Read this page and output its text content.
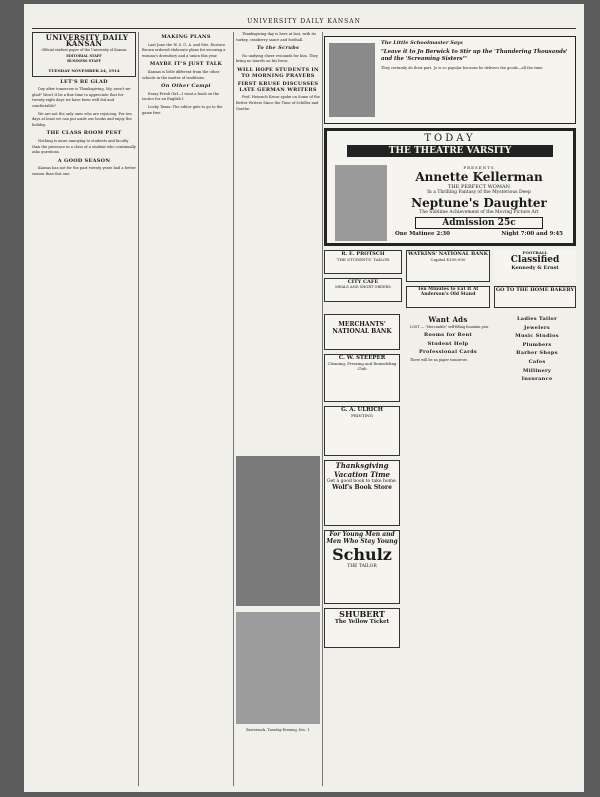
UNIVERSITY DAILY KANSAN

UNIVERSITY DAILY KANSAN

Official student paper of the University of Kansas
EDITORIAL STAFF
BUSINESS STAFF
TUESDAY NOVEMBER 24, 1914
LET'S BE GLAD

Day after tomorrow is Thanksgiving. My, aren't we glad? Won't it be a fine time to appreciate that for twenty-eight days we have been well fed and comfortable?

We are not the only ones who are rejoicing. For ten days at least we can put aside our books and enjoy the holiday.

THE CLASS ROOM PEST

Nothing is more annoying to students and faculty than the presence in a class of a student who continually asks questions.

A GOOD SEASON

Kansas has not for the past twenty years had a better season than this one.

MAKING PLANS

Last June the W. S. G. A. and Mrs. Eustace Brown ordered elaborate plans for securing a woman's dormitory and a union this year.

MAYBE IT'S JUST TALK

Kansas is little different from the other schools in the matter of traditions.

On Other Campi

Essay Fresh Girl—I want a book on the tactics for an English I.

Lucky Texas: The editor gets to go to the game free.

Thanksgiving day is here at last, with its turkey, cranberry sauce and football.

To the Scrubs

No undying cheer resounds for him. They bring no laurels on his brow.

WILL HOPE STUDENTS IN TO MORNING PRAYERS
FIRST KRUSE DISCUSSES LATE GERMAN WRITERS

Prof. Heinrich Kruse spoke on Some of the Better Writers Since the Time of Schiller and Goethe.

The Little Schoolmaster Says
"Leave it to Jo Berwick to Stir up the 'Thundering Thousands' and the 'Screaming Sisters'"
They certainly do their part. Jo is so popular because he delivers the goods—all the time.
TODAY
THE THEATRE VARSITY
PRESENTS
Annette Kellerman
THE PERFECT WOMAN
In a Thrilling Fantasy of the Mysterious Deep
Neptune's Daughter
The Sublime Achievement of the Moving Picture Art
Admission 25c
One Matinee 2:30	Night 7:00 and 9:45
R. E. PROTSCH
THE STUDENTS' TAILOR
WATKINS' NATIONAL BANK
Capital $100,000
FOOTBALL
Classified
Kennedy & Ernst
CITY CAFE
MEALS AND SHORT ORDERS	Ten Minutes to Eat It At Anderson's Old Stand
GO TO THE HOME BAKERY
Bowersock, Tuesday Evening, Dec. 1
MERCHANTS' NATIONAL BANK
C. W. STEEPER
Cleaning, Pressing and Remodeling Club
G. A. ULRICH
PRINTING
Thanksgiving Vacation Time
Get a good book to take home.
Wolf's Book Store
For Young Men and Men Who Stay Young
Schulz
THE TAILOR
SHUBERT
The Yellow Ticket
Want Ads

LOST — "Mercantile" self-filling fountain pen.

Rooms for Rent
Student Help
Professional Cards

There will be no paper tomorrow.

Ladies Tailor
Jewelers
Music Studios
Plumbers
Barber Shops
Cafes
Millinery
Insurance
